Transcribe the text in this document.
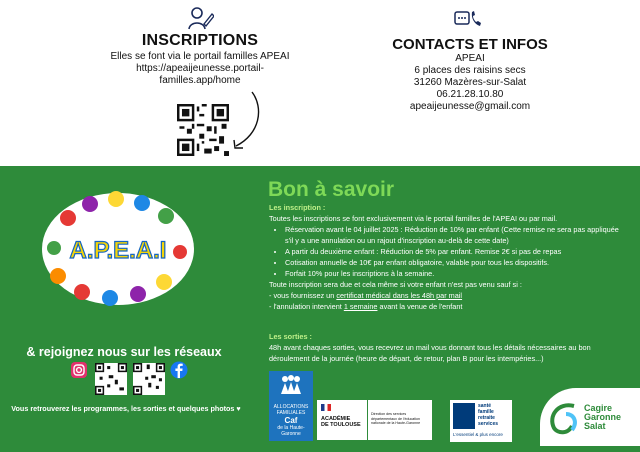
INSCRIPTIONS
Elles se font via le portail familles APEAI
https://apeaijeunesse.portail-
familles.app/home
CONTACTS ET INFOS
APEAI
6 places des raisins secs
31260 Mazères-sur-Salat
06.21.28.10.80
apeaijeunesse@gmail.com
A.P.E.A.I
& rejoignez nous sur les réseaux
Vous retrouverez les programmes, les sorties et quelques photos ♥
Bon à savoir
Les inscription :
Toutes les inscriptions se font exclusivement via le portail familles de l'APEAI ou par mail.
• Réservation avant le 04 juillet 2025 : Réduction de 10% par enfant (Cette remise ne sera pas appliquée s'il y a une annulation ou un rajout d'inscription au-delà de cette date)
• A partir du deuxième enfant : Réduction de 5% par enfant. Remise 2€ si pas de repas
• Cotisation annuelle de 10€ par enfant obligatoire, valable pour tous les dispositifs.
• Forfait 10% pour les inscriptions à la semaine.
Toute inscription sera due et cela même si votre enfant n'est pas venu sauf si :
- vous fournissez un certificat médical dans les 48h par mail
- l'annulation intervient 1 semaine avant la venue de l'enfant
Les sorties :
48h avant chaques sorties, vous recevrez un mail vous donnant tous les détails nécessaires au bon déroulement de la journée (heure de départ, de retour, plan B pour les intempéries...)
ALLOCATIONS
FAMILIALES
Caf
de la Haute-
Garonne
ACADÉMIE
DE TOULOUSE
Direction des services départementaux de l'éducation nationale de la Haute-Garonne
santé
famille
retraite
services
L'essentiel & plus encore
Cagire
Garonne
Salat
